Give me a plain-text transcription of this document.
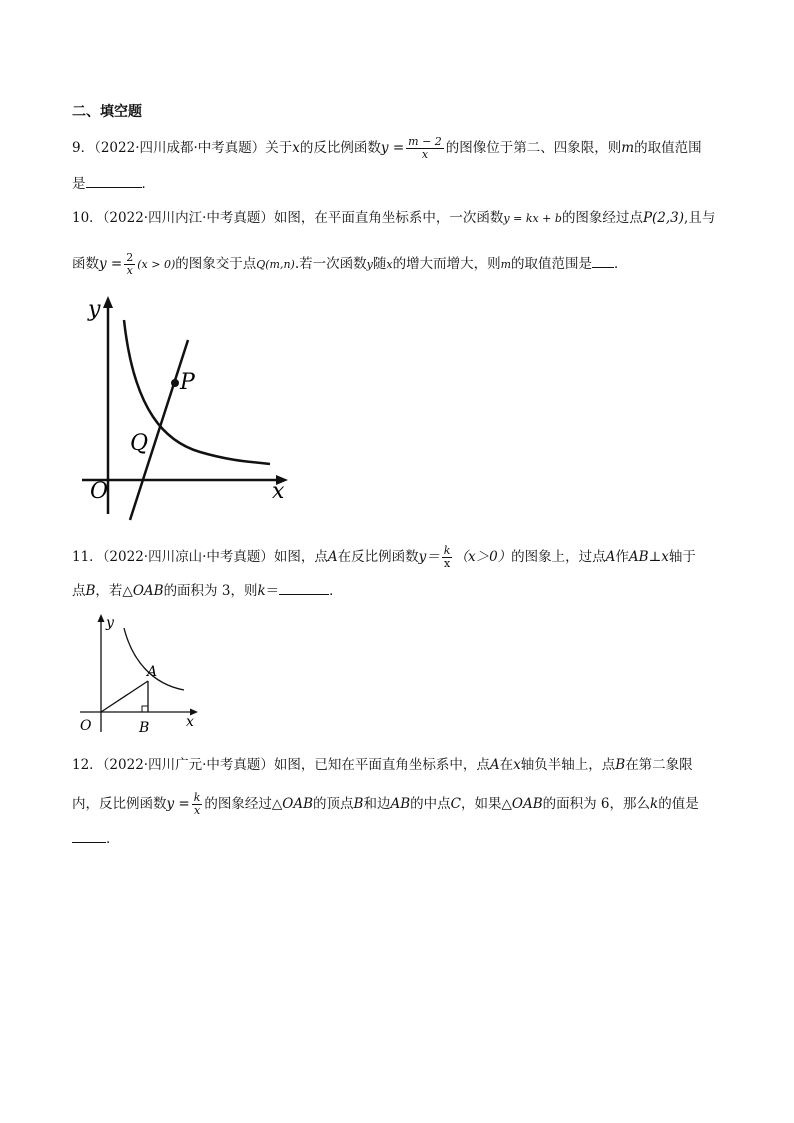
二、填空题
9．（2022·四川成都·中考真题）关于x的反比例函数$y = \frac{m - 2}{x}$ 的图像位于第二、四象限，则m的取值范围
是	．
10．（2022·四川内江·中考真题）如图，在平面直角坐标系中，一次函数y = kx + b的图象经过点P(2,3),且与
函数$y = \frac{2}{x} (x > 0)$的图象交于点Q(m,n).若一次函数y随x的增大而增大，则m的取值范围是 ．
y
x
O
P
Q
11．（2022·四川凉山·中考真题）如图，点A在反比例函数$y= \frac{k}{x} (x>0)$的图象上，过点A作AB⊥x轴于
点B，若△OAB的面积为 3，则k＝	．
y
x
O
A
B
12．（2022·四川广元·中考真题）如图，已知在平面直角坐标系中，点A在x轴负半轴上，点B在第二象限
内，反比例函数$y = \frac{k}{x}$ 的图象经过△OAB的顶点B和边AB的中点C，如果△OAB的面积为 6，那么k的值是
．
